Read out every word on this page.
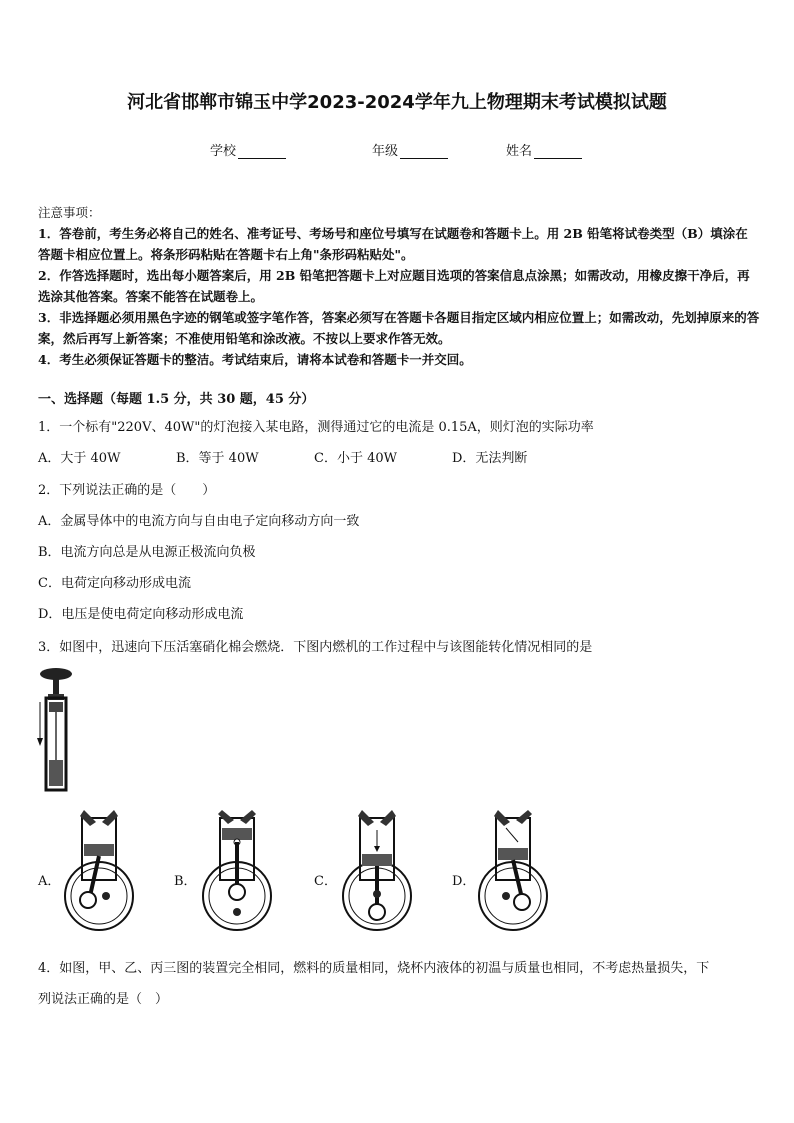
河北省邯郸市锦玉中学2023-2024学年九上物理期末考试模拟试题
学校	年级	姓名

注意事项：

1．答卷前，考生务必将自己的姓名、准考证号、考场号和座位号填写在试题卷和答题卡上。用 2B 铅笔将试卷类型（B）填涂在答题卡相应位置上。将条形码粘贴在答题卡右上角"条形码粘贴处"。

2．作答选择题时，选出每小题答案后，用 2B 铅笔把答题卡上对应题目选项的答案信息点涂黑；如需改动，用橡皮擦干净后，再选涂其他答案。答案不能答在试题卷上。

3．非选择题必须用黑色字迹的钢笔或签字笔作答，答案必须写在答题卡各题目指定区域内相应位置上；如需改动，先划掉原来的答案，然后再写上新答案；不准使用铅笔和涂改液。不按以上要求作答无效。

4．考生必须保证答题卡的整洁。考试结束后，请将本试卷和答题卡一并交回。

一、选择题（每题 1.5 分，共 30 题，45 分）
1．一个标有"220V、40W"的灯泡接入某电路，测得通过它的电流是 0.15A，则灯泡的实际功率
A．大于 40W	B．等于 40W	C．小于 40W	D．无法判断
2．下列说法正确的是（　　）
A．金属导体中的电流方向与自由电子定向移动方向一致
B．电流方向总是从电源正极流向负极
C．电荷定向移动形成电流
D．电压是使电荷定向移动形成电流
3．如图中，迅速向下压活塞硝化棉会燃烧．下图内燃机的工作过程中与该图能转化情况相同的是
A．	B．	C．	D．
4．如图，甲、乙、丙三图的装置完全相同，燃料的质量相同，烧杯内液体的初温与质量也相同，不考虑热量损失，下
列说法正确的是（　）
